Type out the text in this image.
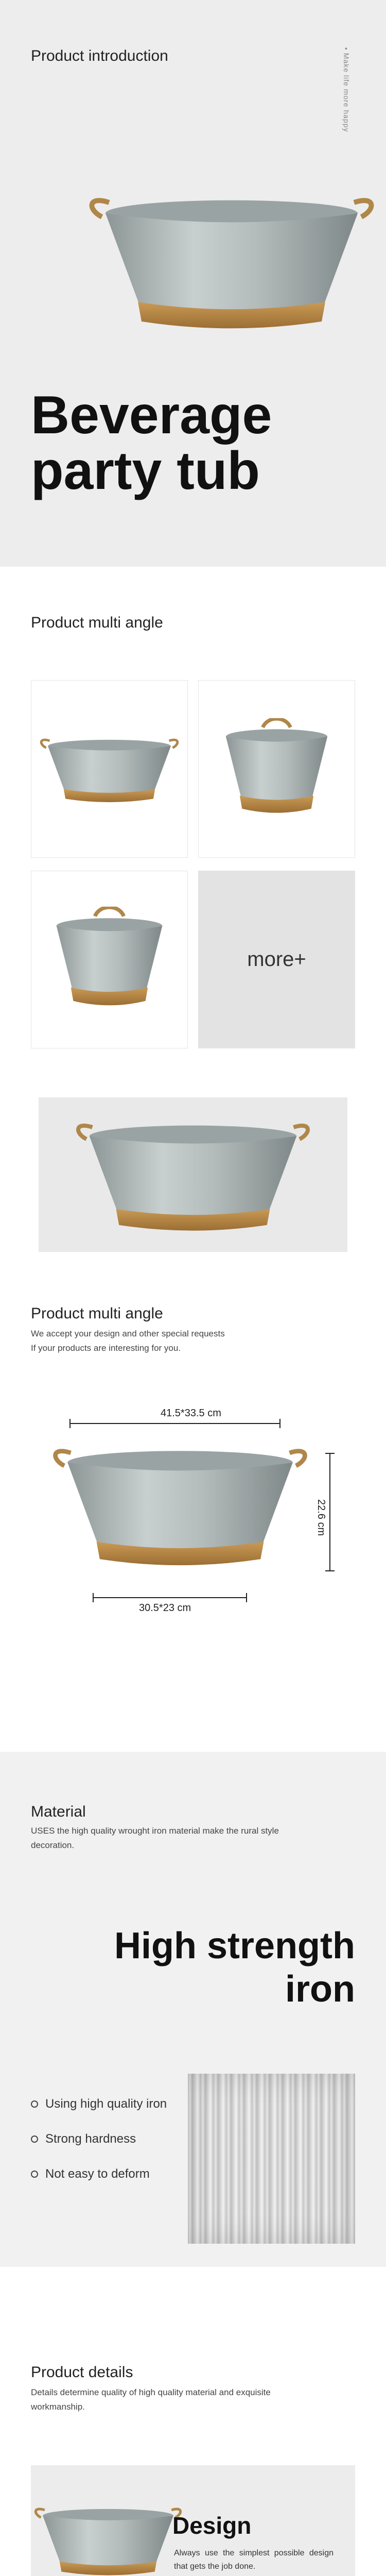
Product introduction	• Make life more happy
Beverage
party tub
Product multi angle
more+
Product multi angle
We accept your design and other special requests
If your products are interesting for you.
41.5*33.5 cm
22.6 cm
30.5*23 cm
Material
USES the high quality wrought iron material make the rural style
decoration.
High strength
iron
Using high quality iron
Strong hardness
Not easy to deform
Product details
Details determine quality of high quality material and exquisite
workmanship.
Design
Always use the simplest possible design that gets the job done.
